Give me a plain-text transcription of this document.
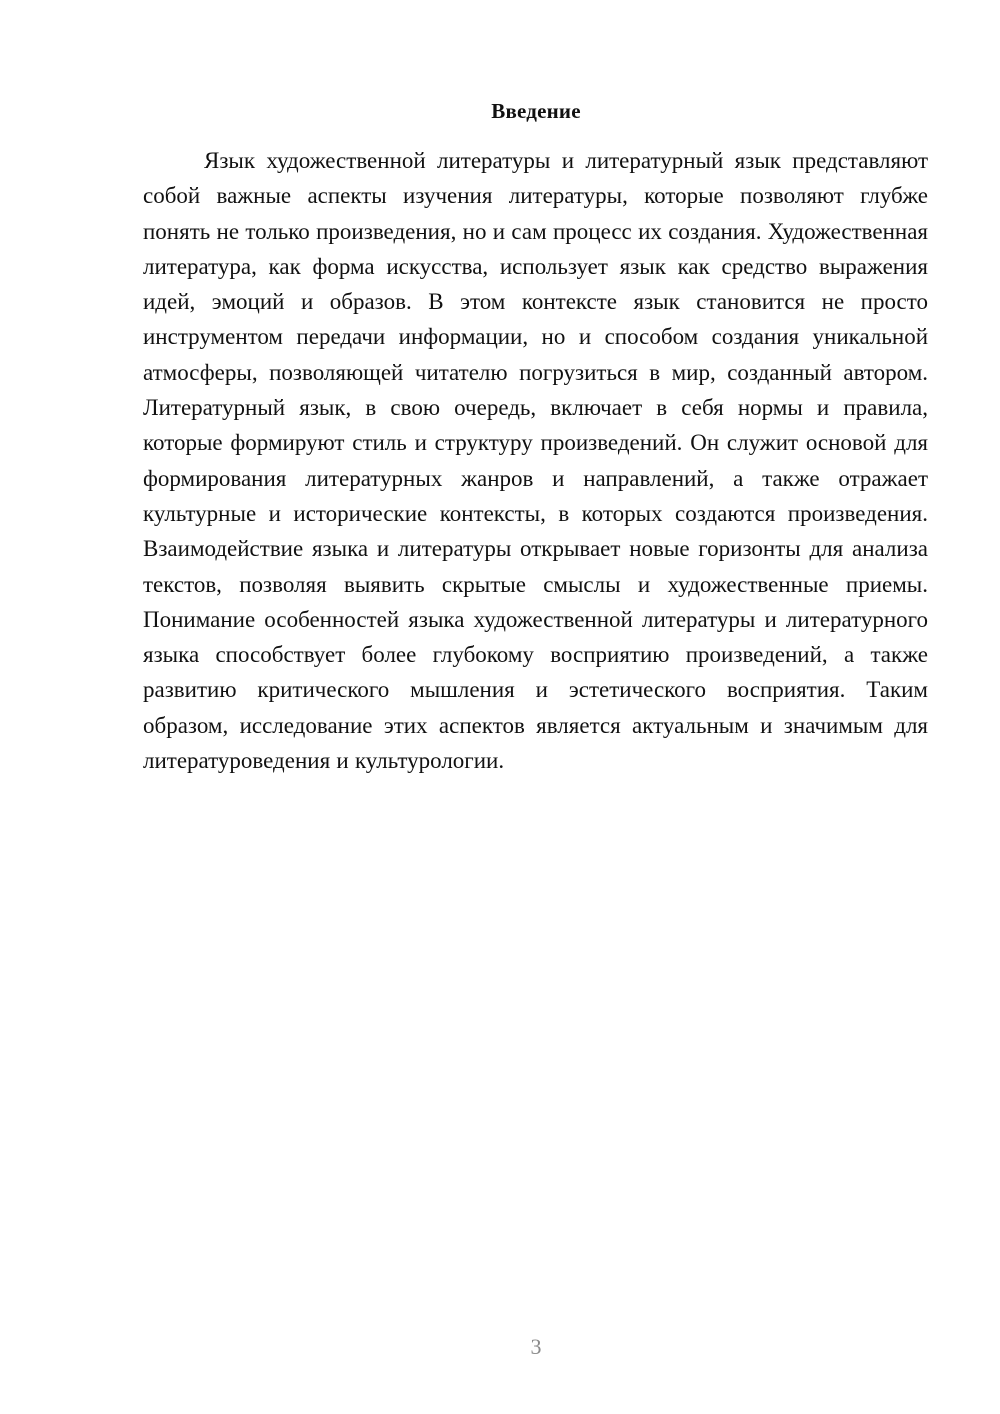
Введение

Язык художественной литературы и литературный язык представляют собой важные аспекты изучения литературы, которые позволяют глубже понять не только произведения, но и сам процесс их создания. Художественная литература, как форма искусства, использует язык как средство выражения идей, эмоций и образов. В этом контексте язык становится не просто инструментом передачи информации, но и способом создания уникальной атмосферы, позволяющей читателю погрузиться в мир, созданный автором. Литературный язык, в свою очередь, включает в себя нормы и правила, которые формируют стиль и структуру произведений. Он служит основой для формирования литературных жанров и направлений, а также отражает культурные и исторические контексты, в которых создаются произведения. Взаимодействие языка и литературы открывает новые горизонты для анализа текстов, позволяя выявить скрытые смыслы и художественные приемы. Понимание особенностей языка художественной литературы и литературного языка способствует более глубокому восприятию произведений, а также развитию критического мышления и эстетического восприятия. Таким образом, исследование этих аспектов является актуальным и значимым для литературоведения и культурологии.

3
